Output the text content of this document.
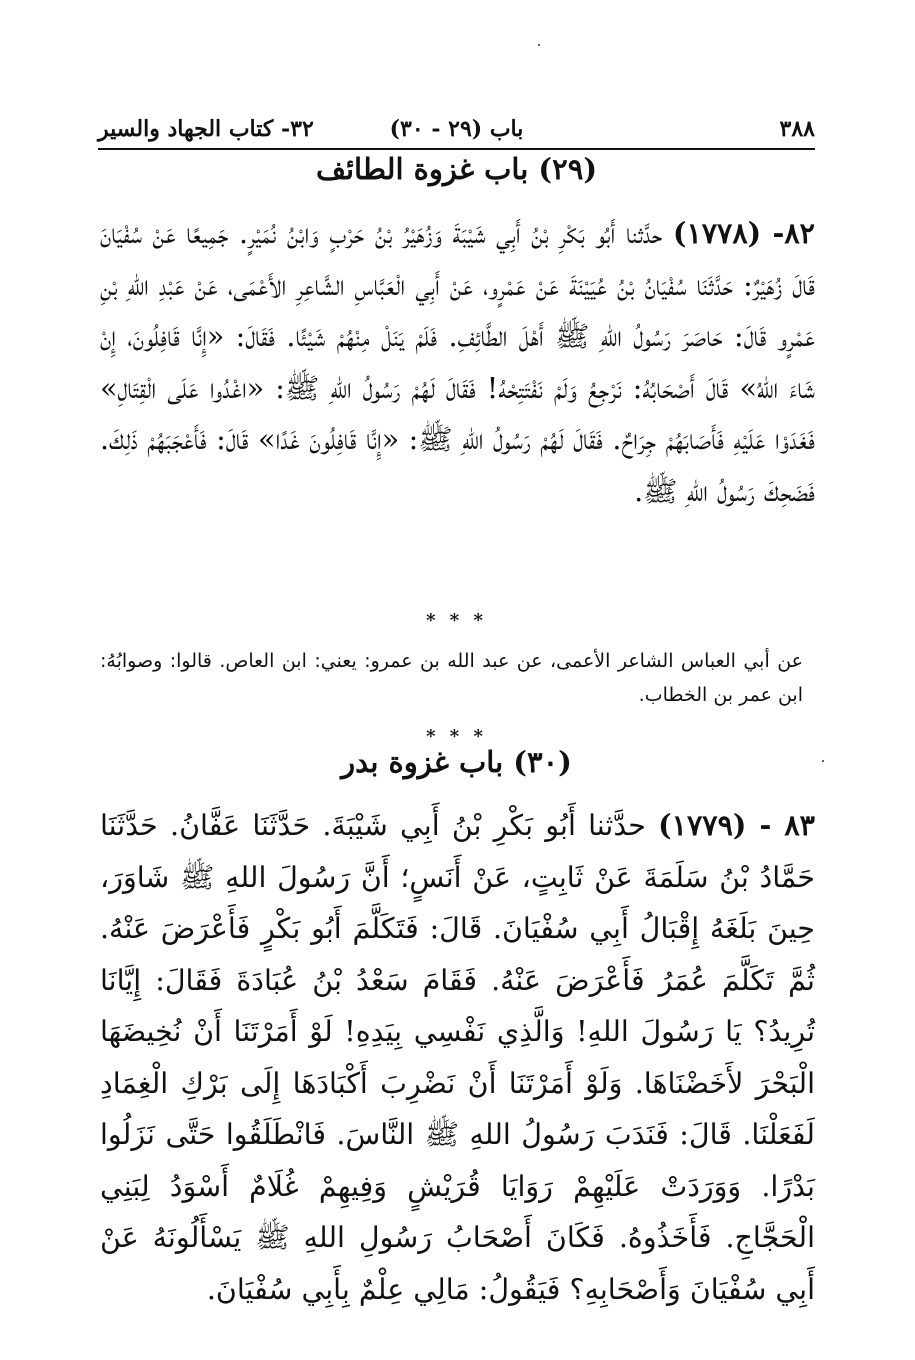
٣٨٨
باب (٢٩ - ٣٠)
٣٢- كتاب الجهاد والسير
(٢٩) باب غزوة الطائف
٨٢- (١٧٧٨) حدَّثنا أَبُو بَكْرِ بْنُ أَبِي شَيْبَةَ وَزُهَيْرُ بْنُ حَرْبٍ وَابْنُ نُمَيْرٍ. جَمِيعًا عَنْ سُفْيَانَ قَالَ زُهَيْرٌ: حَدَّثَنَا سُفْيَانُ بْنُ عُيَيْنَةَ عَنْ عَمْرٍو، عَنْ أَبِي الْعَبَّاسِ الشَّاعِرِ الأَعْمَى، عَنْ عَبْدِ اللهِ بْنِ عَمْرٍو قَالَ: حَاصَرَ رَسُولُ اللهِ ﷺ أَهْلَ الطَّائِفِ. فَلَمْ يَنَلْ مِنْهُمْ شَيْئًا. فَقَالَ: «إِنَّا قَافِلُونَ، إِنْ شَاءَ اللهُ» قَالَ أَصْحَابُهُ: نَرْجِعُ وَلَمْ نَفْتَتِحْهُ! فَقَالَ لَهُمْ رَسُولُ اللهِ ﷺ: «اغْدُوا عَلَى الْقِتَالِ» فَغَدَوْا عَلَيْهِ فَأَصَابَهُمْ جِرَاحٌ. فَقَالَ لَهُمْ رَسُولُ اللهِ ﷺ: «إِنَّا قَافِلُونَ غَدًا» قَالَ: فَأَعْجَبَهُمْ ذَلِكَ. فَضَحِكَ رَسُولُ اللهِ ﷺ.
* * *
عن أبي العباس الشاعر الأعمى، عن عبد الله بن عمرو: يعني: ابن العاص. قالوا: وصوابُهُ: ابن عمر بن الخطاب.
* * *
(٣٠) باب غزوة بدر
٨٣ - (١٧٧٩) حدَّثنا أَبُو بَكْرِ بْنُ أَبِي شَيْبَةَ. حَدَّثَنَا عَفَّانُ. حَدَّثَنَا حَمَّادُ بْنُ سَلَمَةَ عَنْ ثَابِتٍ، عَنْ أَنَسٍ؛ أَنَّ رَسُولَ اللهِ ﷺ شَاوَرَ، حِينَ بَلَغَهُ إِقْبَالُ أَبِي سُفْيَانَ. قَالَ: فَتَكَلَّمَ أَبُو بَكْرٍ فَأَعْرَضَ عَنْهُ. ثُمَّ تَكَلَّمَ عُمَرُ فَأَعْرَضَ عَنْهُ. فَقَامَ سَعْدُ بْنُ عُبَادَةَ فَقَالَ: إِيَّانَا تُرِيدُ؟ يَا رَسُولَ اللهِ! وَالَّذِي نَفْسِي بِيَدِهِ! لَوْ أَمَرْتَنَا أَنْ نُخِيضَهَا الْبَحْرَ لأَخَضْنَاهَا. وَلَوْ أَمَرْتَنَا أَنْ نَضْرِبَ أَكْبَادَهَا إِلَى بَرْكِ الْغِمَادِ لَفَعَلْنَا. قَالَ: فَنَدَبَ رَسُولُ اللهِ ﷺ النَّاسَ. فَانْطَلَقُوا حَتَّى نَزَلُوا بَدْرًا. وَوَرَدَتْ عَلَيْهِمْ رَوَايَا قُرَيْشٍ وَفِيهِمْ غُلَامٌ أَسْوَدُ لِبَنِي الْحَجَّاجِ. فَأَخَذُوهُ. فَكَانَ أَصْحَابُ رَسُولِ اللهِ ﷺ يَسْأَلُونَهُ عَنْ أَبِي سُفْيَانَ وَأَصْحَابِهِ؟ فَيَقُولُ: مَالِي عِلْمٌ بِأَبِي سُفْيَانَ.
